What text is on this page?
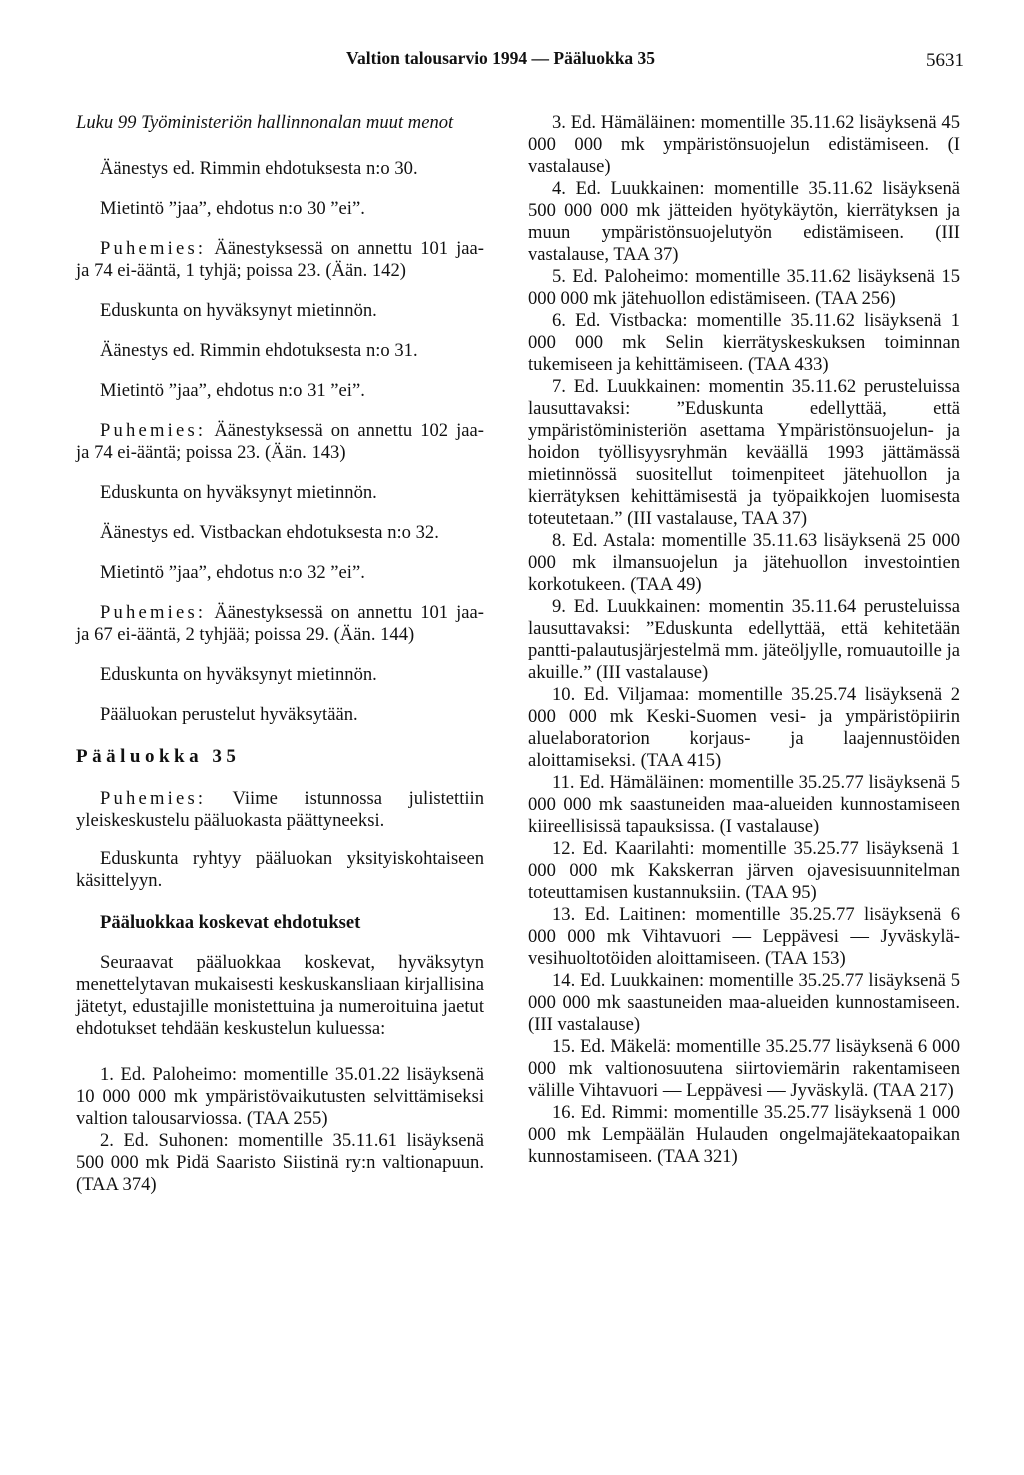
Valtion talousarvio 1994 — Pääluokka 35	5631

Luku 99 Työministeriön hallinnonalan muut menot

Äänestys ed. Rimmin ehdotuksesta n:o 30.

Mietintö ”jaa”, ehdotus n:o 30 ”ei”.

Puhemies: Äänestyksessä on annettu 101 jaa- ja 74 ei-ääntä, 1 tyhjä; poissa 23. (Ään. 142)

Eduskunta on hyväksynyt mietinnön.

Äänestys ed. Rimmin ehdotuksesta n:o 31.

Mietintö ”jaa”, ehdotus n:o 31 ”ei”.

Puhemies: Äänestyksessä on annettu 102 jaa- ja 74 ei-ääntä; poissa 23. (Ään. 143)

Eduskunta on hyväksynyt mietinnön.

Äänestys ed. Vistbackan ehdotuksesta n:o 32.

Mietintö ”jaa”, ehdotus n:o 32 ”ei”.

Puhemies: Äänestyksessä on annettu 101 jaa- ja 67 ei-ääntä, 2 tyhjää; poissa 29. (Ään. 144)

Eduskunta on hyväksynyt mietinnön.

Pääluokan perustelut hyväksytään.

Pääluokka 35

Puhemies: Viime istunnossa julistettiin yleiskeskustelu pääluokasta päättyneeksi.

Eduskunta ryhtyy pääluokan yksityiskohtaiseen käsittelyyn.

Pääluokkaa koskevat ehdotukset

Seuraavat pääluokkaa koskevat, hyväksytyn menettelytavan mukaisesti keskuskansliaan kirjallisina jätetyt, edustajille monistettuina ja numeroituina jaetut ehdotukset tehdään keskustelun kuluessa:

1. Ed. Paloheimo: momentille 35.01.22 lisäyksenä 10 000 000 mk ympäristövaikutusten selvittämiseksi valtion talousarviossa. (TAA 255)

2. Ed. Suhonen: momentille 35.11.61 lisäyksenä 500 000 mk Pidä Saaristo Siistinä ry:n valtionapuun. (TAA 374)

3. Ed. Hämäläinen: momentille 35.11.62 lisäyksenä 45 000 000 mk ympäristönsuojelun edistämiseen. (I vastalause)

4. Ed. Luukkainen: momentille 35.11.62 lisäyksenä 500 000 000 mk jätteiden hyötykäytön, kierrätyksen ja muun ympäristönsuojelutyön edistämiseen. (III vastalause, TAA 37)

5. Ed. Paloheimo: momentille 35.11.62 lisäyksenä 15 000 000 mk jätehuollon edistämiseen. (TAA 256)

6. Ed. Vistbacka: momentille 35.11.62 lisäyksenä 1 000 000 mk Selin kierrätyskeskuksen toiminnan tukemiseen ja kehittämiseen. (TAA 433)

7. Ed. Luukkainen: momentin 35.11.62 perusteluissa lausuttavaksi: ”Eduskunta edellyttää, että ympäristöministeriön asettama Ympäristönsuojelun- ja hoidon työllisyysryhmän keväällä 1993 jättämässä mietinnössä suositellut toimenpiteet jätehuollon ja kierrätyksen kehittämisestä ja työpaikkojen luomisesta toteutetaan.” (III vastalause, TAA 37)

8. Ed. Astala: momentille 35.11.63 lisäyksenä 25 000 000 mk ilmansuojelun ja jätehuollon investointien korkotukeen. (TAA 49)

9. Ed. Luukkainen: momentin 35.11.64 perusteluissa lausuttavaksi: ”Eduskunta edellyttää, että kehitetään pantti-palautusjärjestelmä mm. jäteöljylle, romuautoille ja akuille.” (III vastalause)

10. Ed. Viljamaa: momentille 35.25.74 lisäyksenä 2 000 000 mk Keski-Suomen vesi- ja ympäristöpiirin aluelaboratorion korjaus- ja laajennustöiden aloittamiseksi. (TAA 415)

11. Ed. Hämäläinen: momentille 35.25.77 lisäyksenä 5 000 000 mk saastuneiden maa-alueiden kunnostamiseen kiireellisissä tapauksissa. (I vastalause)

12. Ed. Kaarilahti: momentille 35.25.77 lisäyksenä 1 000 000 mk Kakskerran järven ojavesisuunnitelman toteuttamisen kustannuksiin. (TAA 95)

13. Ed. Laitinen: momentille 35.25.77 lisäyksenä 6 000 000 mk Vihtavuori — Leppävesi — Jyväskylä-vesihuoltotöiden aloittamiseen. (TAA 153)

14. Ed. Luukkainen: momentille 35.25.77 lisäyksenä 5 000 000 mk saastuneiden maa-alueiden kunnostamiseen. (III vastalause)

15. Ed. Mäkelä: momentille 35.25.77 lisäyksenä 6 000 000 mk valtionosuutena siirtoviemärin rakentamiseen välille Vihtavuori — Leppävesi — Jyväskylä. (TAA 217)

16. Ed. Rimmi: momentille 35.25.77 lisäyksenä 1 000 000 mk Lempäälän Hulauden ongelmajätekaatopaikan kunnostamiseen. (TAA 321)
